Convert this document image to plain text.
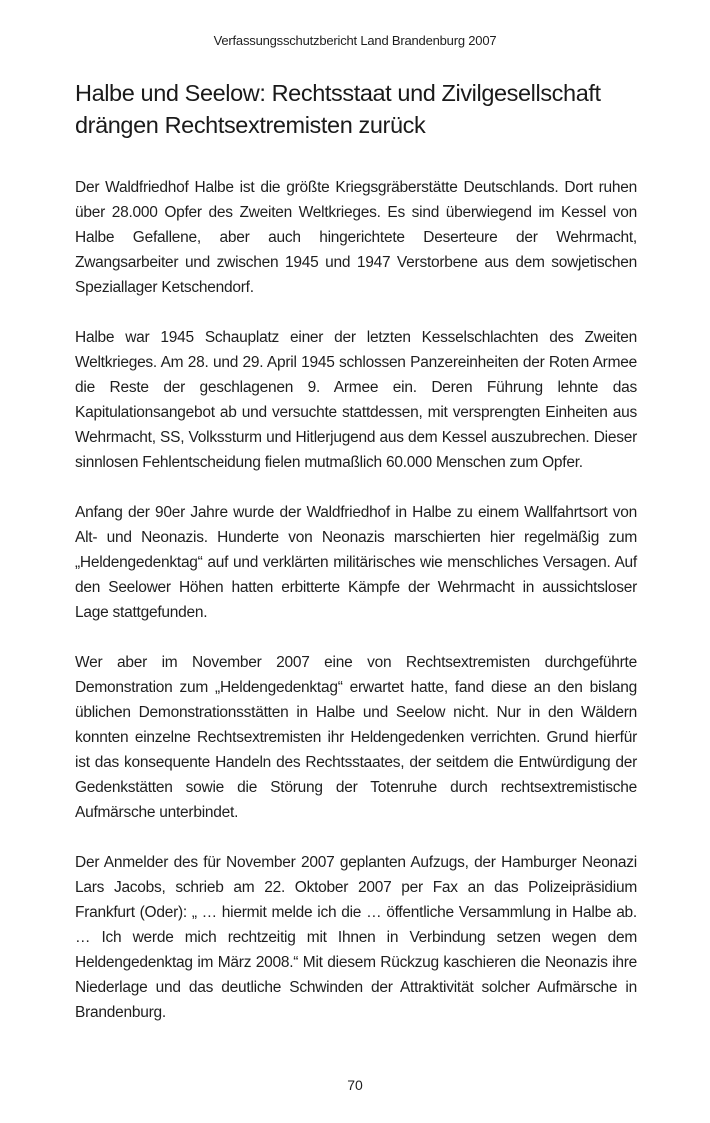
Verfassungsschutzbericht Land Brandenburg 2007
Halbe und Seelow: Rechtsstaat und Zivilgesellschaft drängen Rechtsextremisten zurück

Der Waldfriedhof Halbe ist die größte Kriegsgräberstätte Deutschlands. Dort ruhen über 28.000 Opfer des Zweiten Weltkrieges. Es sind überwiegend im Kessel von Halbe Gefallene, aber auch hingerichtete Deserteure der Wehrmacht, Zwangsarbeiter und zwischen 1945 und 1947 Verstorbene aus dem sowjetischen Speziallager Ketschendorf.

Halbe war 1945 Schauplatz einer der letzten Kesselschlachten des Zweiten Weltkrieges. Am 28. und 29. April 1945 schlossen Panzereinheiten der Roten Armee die Reste der geschlagenen 9. Armee ein. Deren Führung lehnte das Kapitulationsangebot ab und versuchte stattdessen, mit versprengten Einheiten aus Wehrmacht, SS, Volkssturm und Hitlerjugend aus dem Kessel auszubrechen. Dieser sinnlosen Fehlentscheidung fielen mutmaßlich 60.000 Menschen zum Opfer.

Anfang der 90er Jahre wurde der Waldfriedhof in Halbe zu einem Wallfahrtsort von Alt- und Neonazis. Hunderte von Neonazis marschierten hier regelmäßig zum „Heldengedenktag“ auf und verklärten militärisches wie menschliches Versagen. Auf den Seelower Höhen hatten erbitterte Kämpfe der Wehrmacht in aussichtsloser Lage stattgefunden.

Wer aber im November 2007 eine von Rechtsextremisten durchgeführte Demonstration zum „Heldengedenktag“ erwartet hatte, fand diese an den bislang üblichen Demonstrationsstätten in Halbe und Seelow nicht. Nur in den Wäldern konnten einzelne Rechtsextremisten ihr Heldengedenken verrichten. Grund hierfür ist das konsequente Handeln des Rechtsstaates, der seitdem die Entwürdigung der Gedenkstätten sowie die Störung der Totenruhe durch rechtsextremistische Aufmärsche unterbindet.

Der Anmelder des für November 2007 geplanten Aufzugs, der Hamburger Neonazi Lars Jacobs, schrieb am 22. Oktober 2007 per Fax an das Polizeipräsidium Frankfurt (Oder): „ … hiermit melde ich die … öffentliche Versammlung in Halbe ab. … Ich werde mich rechtzeitig mit Ihnen in Verbindung setzen wegen dem Heldengedenktag im März 2008.“ Mit diesem Rückzug kaschieren die Neonazis ihre Niederlage und das deutliche Schwinden der Attraktivität solcher Aufmärsche in Brandenburg.

70
